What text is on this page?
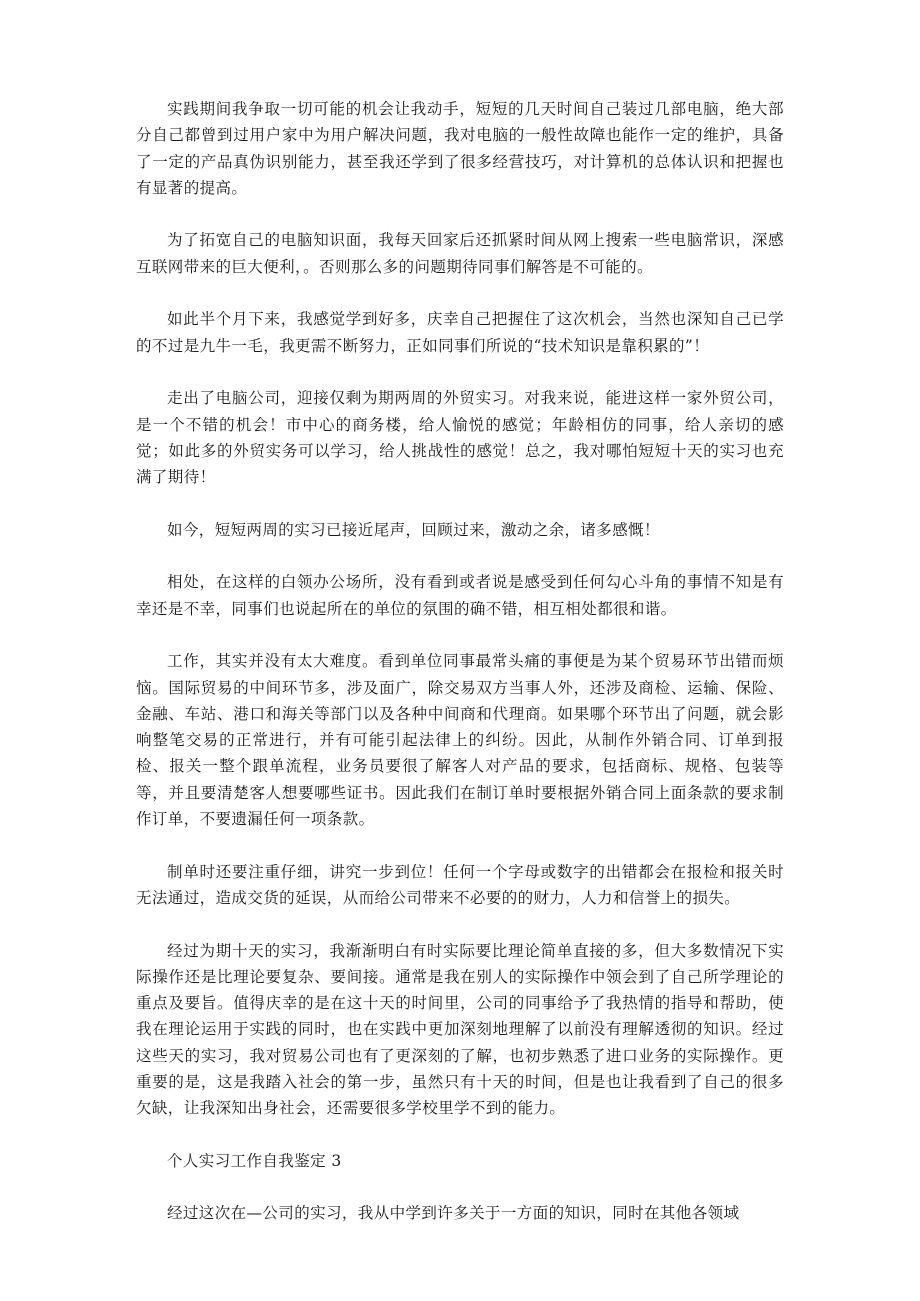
实践期间我争取一切可能的机会让我动手，短短的几天时间自己装过几部电脑，绝大部分自己都曾到过用户家中为用户解决问题，我对电脑的一般性故障也能作一定的维护，具备了一定的产品真伪识别能力，甚至我还学到了很多经营技巧，对计算机的总体认识和把握也有显著的提高。

为了拓宽自己的电脑知识面，我每天回家后还抓紧时间从网上搜索一些电脑常识，深感互联网带来的巨大便利，。否则那么多的问题期待同事们解答是不可能的。

如此半个月下来，我感觉学到好多，庆幸自己把握住了这次机会，当然也深知自己已学的不过是九牛一毛，我更需不断努力，正如同事们所说的“技术知识是靠积累的”！

走出了电脑公司，迎接仅剩为期两周的外贸实习。对我来说，能进这样一家外贸公司，是一个不错的机会！市中心的商务楼，给人愉悦的感觉；年龄相仿的同事，给人亲切的感觉；如此多的外贸实务可以学习，给人挑战性的感觉！总之，我对哪怕短短十天的实习也充满了期待！

如今，短短两周的实习已接近尾声，回顾过来，激动之余，诸多感慨！

相处，在这样的白领办公场所，没有看到或者说是感受到任何勾心斗角的事情不知是有幸还是不幸，同事们也说起所在的单位的氛围的确不错，相互相处都很和谐。

工作，其实并没有太大难度。看到单位同事最常头痛的事便是为某个贸易环节出错而烦恼。国际贸易的中间环节多，涉及面广，除交易双方当事人外，还涉及商检、运输、保险、金融、车站、港口和海关等部门以及各种中间商和代理商。如果哪个环节出了问题，就会影响整笔交易的正常进行，并有可能引起法律上的纠纷。因此，从制作外销合同、订单到报检、报关一整个跟单流程，业务员要很了解客人对产品的要求，包括商标、规格、包装等等，并且要清楚客人想要哪些证书。因此我们在制订单时要根据外销合同上面条款的要求制作订单，不要遗漏任何一项条款。

制单时还要注重仔细，讲究一步到位！任何一个字母或数字的出错都会在报检和报关时无法通过，造成交货的延误，从而给公司带来不必要的的财力，人力和信誉上的损失。

经过为期十天的实习，我渐渐明白有时实际要比理论简单直接的多，但大多数情况下实际操作还是比理论要复杂、要间接。通常是我在别人的实际操作中领会到了自己所学理论的重点及要旨。值得庆幸的是在这十天的时间里，公司的同事给予了我热情的指导和帮助，使我在理论运用于实践的同时，也在实践中更加深刻地理解了以前没有理解透彻的知识。经过这些天的实习，我对贸易公司也有了更深刻的了解，也初步熟悉了进口业务的实际操作。更重要的是，这是我踏入社会的第一步，虽然只有十天的时间，但是也让我看到了自己的很多欠缺，让我深知出身社会，还需要很多学校里学不到的能力。

个人实习工作自我鉴定 3

经过这次在—公司的实习，我从中学到许多关于一方面的知识，同时在其他各领域
